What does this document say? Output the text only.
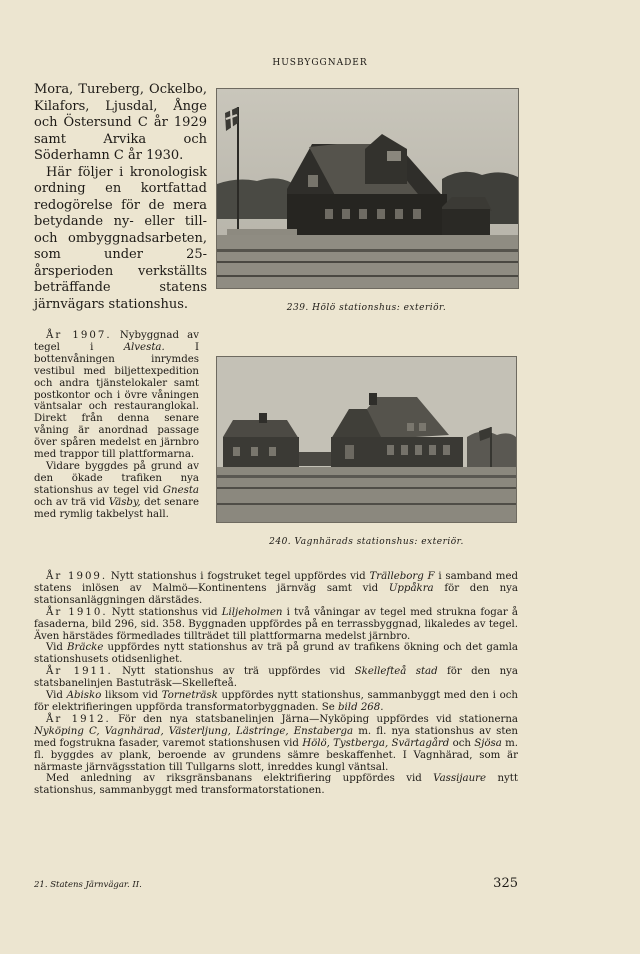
HUSBYGGNADER

Mora, Tureberg, Ockelbo, Kilafors, Ljusdal, Ånge och Östersund C år 1929 samt Arvika och Söderhamn C år 1930.

Här följer i kronologisk ordning en kortfattad redogörelse för de mera betydande ny- eller till- och ombyggnadsarbeten, som under 25-årsperioden verkställts beträffande statens järnvägars stationshus.	239. Hölö stationshus: exteriör.

År 1907. Nybyggnad av tegel i Alvesta. I bottenvåningen inrymdes vestibul med biljettexpedition och andra tjänstelokaler samt postkontor och i övre våningen väntsalar och restauranglokal. Direkt från denna senare våning är anordnad passage över spåren medelst en järnbro med trappor till plattformarna.

Vidare byggdes på grund av den ökade trafiken nya stationshus av tegel vid Gnesta och av trä vid Väsby, det senare med rymlig takbelyst hall.

240. Vagnhärads stationshus: exteriör.

År 1909. Nytt stationshus i fogstruket tegel uppfördes vid Trälleborg F i samband med statens inlösen av Malmö—Kontinentens järnväg samt vid Uppåkra för den nya stationsanläggningen därstädes.

År 1910. Nytt stationshus vid Liljeholmen i två våningar av tegel med strukna fogar å fasaderna, bild 296, sid. 358. Byggnaden uppfördes på en terrassbyggnad, likaledes av tegel. Även härstädes förmedlades tillträdet till plattformarna medelst järnbro.

Vid Bräcke uppfördes nytt stationshus av trä på grund av trafikens ökning och det gamla stationshusets otidsenlighet.

År 1911. Nytt stationshus av trä uppfördes vid Skellefteå stad för den nya statsbanelinjen Bastuträsk—Skellefteå.

Vid Abisko liksom vid Torneträsk uppfördes nytt stationshus, sammanbyggt med den i och för elektrifieringen uppförda transformatorbyggnaden. Se bild 268.

År 1912. För den nya statsbanelinjen Järna—Nyköping uppfördes vid stationerna Nyköping C, Vagnhärad, Västerljung, Lästringe, Enstaberga m. fl. nya stationshus av sten med fogstrukna fasader, varemot stationshusen vid Hölö, Tystberga, Svärtagård och Sjösa m. fl. byggdes av plank, beroende av grundens sämre beskaffenhet. I Vagnhärad, som är närmaste järnvägsstation till Tullgarns slott, inreddes kungl väntsal.

Med anledning av riksgränsbanans elektrifiering uppfördes vid Vassijaure nytt stationshus, sammanbyggt med transformatorstationen.

21. Statens Järnvägar. II.	325
